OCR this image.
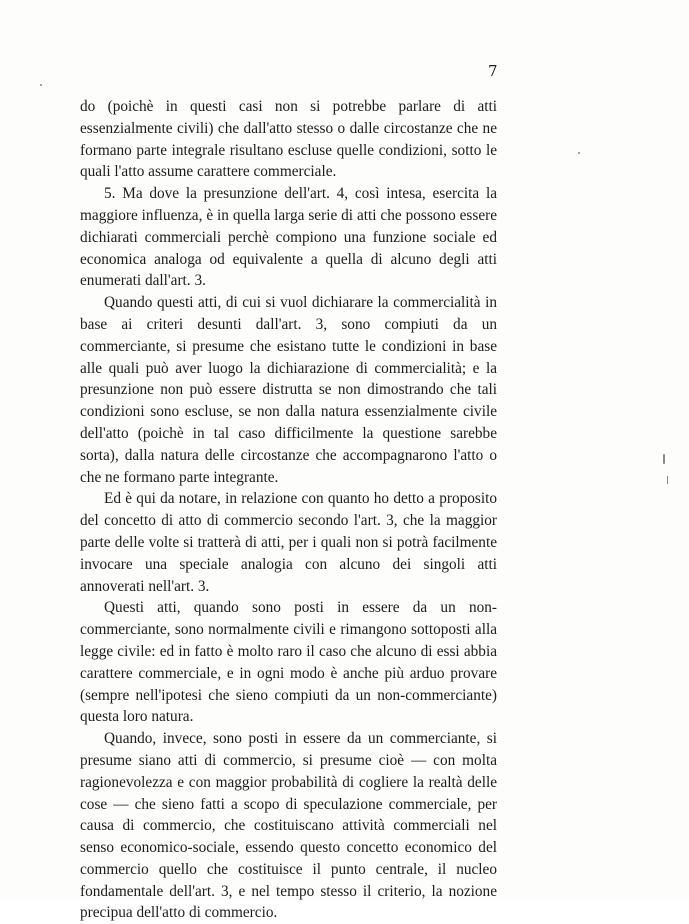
7

do (poichè in questi casi non si potrebbe parlare di atti essenzialmente civili) che dall'atto stesso o dalle circostanze che ne formano parte integrale risultano escluse quelle condizioni, sotto le quali l'atto assume carattere commerciale.

5. Ma dove la presunzione dell'art. 4, così intesa, esercita la maggiore influenza, è in quella larga serie di atti che possono essere dichiarati commerciali perchè compiono una funzione sociale ed economica analoga od equivalente a quella di alcuno degli atti enumerati dall'art. 3.

Quando questi atti, di cui si vuol dichiarare la commercialità in base ai criteri desunti dall'art. 3, sono compiuti da un commerciante, si presume che esistano tutte le condizioni in base alle quali può aver luogo la dichiarazione di commercialità; e la presunzione non può essere distrutta se non dimostrando che tali condizioni sono escluse, se non dalla natura essenzialmente civile dell'atto (poichè in tal caso difficilmente la questione sarebbe sorta), dalla natura delle circostanze che accompagnarono l'atto o che ne formano parte integrante.

Ed è qui da notare, in relazione con quanto ho detto a proposito del concetto di atto di commercio secondo l'art. 3, che la maggior parte delle volte si tratterà di atti, per i quali non si potrà facilmente invocare una speciale analogia con alcuno dei singoli atti annoverati nell'art. 3.

Questi atti, quando sono posti in essere da un non-commerciante, sono normalmente civili e rimangono sottoposti alla legge civile: ed in fatto è molto raro il caso che alcuno di essi abbia carattere commerciale, e in ogni modo è anche più arduo provare (sempre nell'ipotesi che sieno compiuti da un non-commerciante) questa loro natura.

Quando, invece, sono posti in essere da un commerciante, si presume siano atti di commercio, si presume cioè — con molta ragionevolezza e con maggior probabilità di cogliere la realtà delle cose — che sieno fatti a scopo di speculazione commerciale, per causa di commercio, che costituiscano attività commerciali nel senso economico-sociale, essendo questo concetto economico del commercio quello che costituisce il punto centrale, il nucleo fondamentale dell'art. 3, e nel tempo stesso il criterio, la nozione precipua dell'atto di commercio.
